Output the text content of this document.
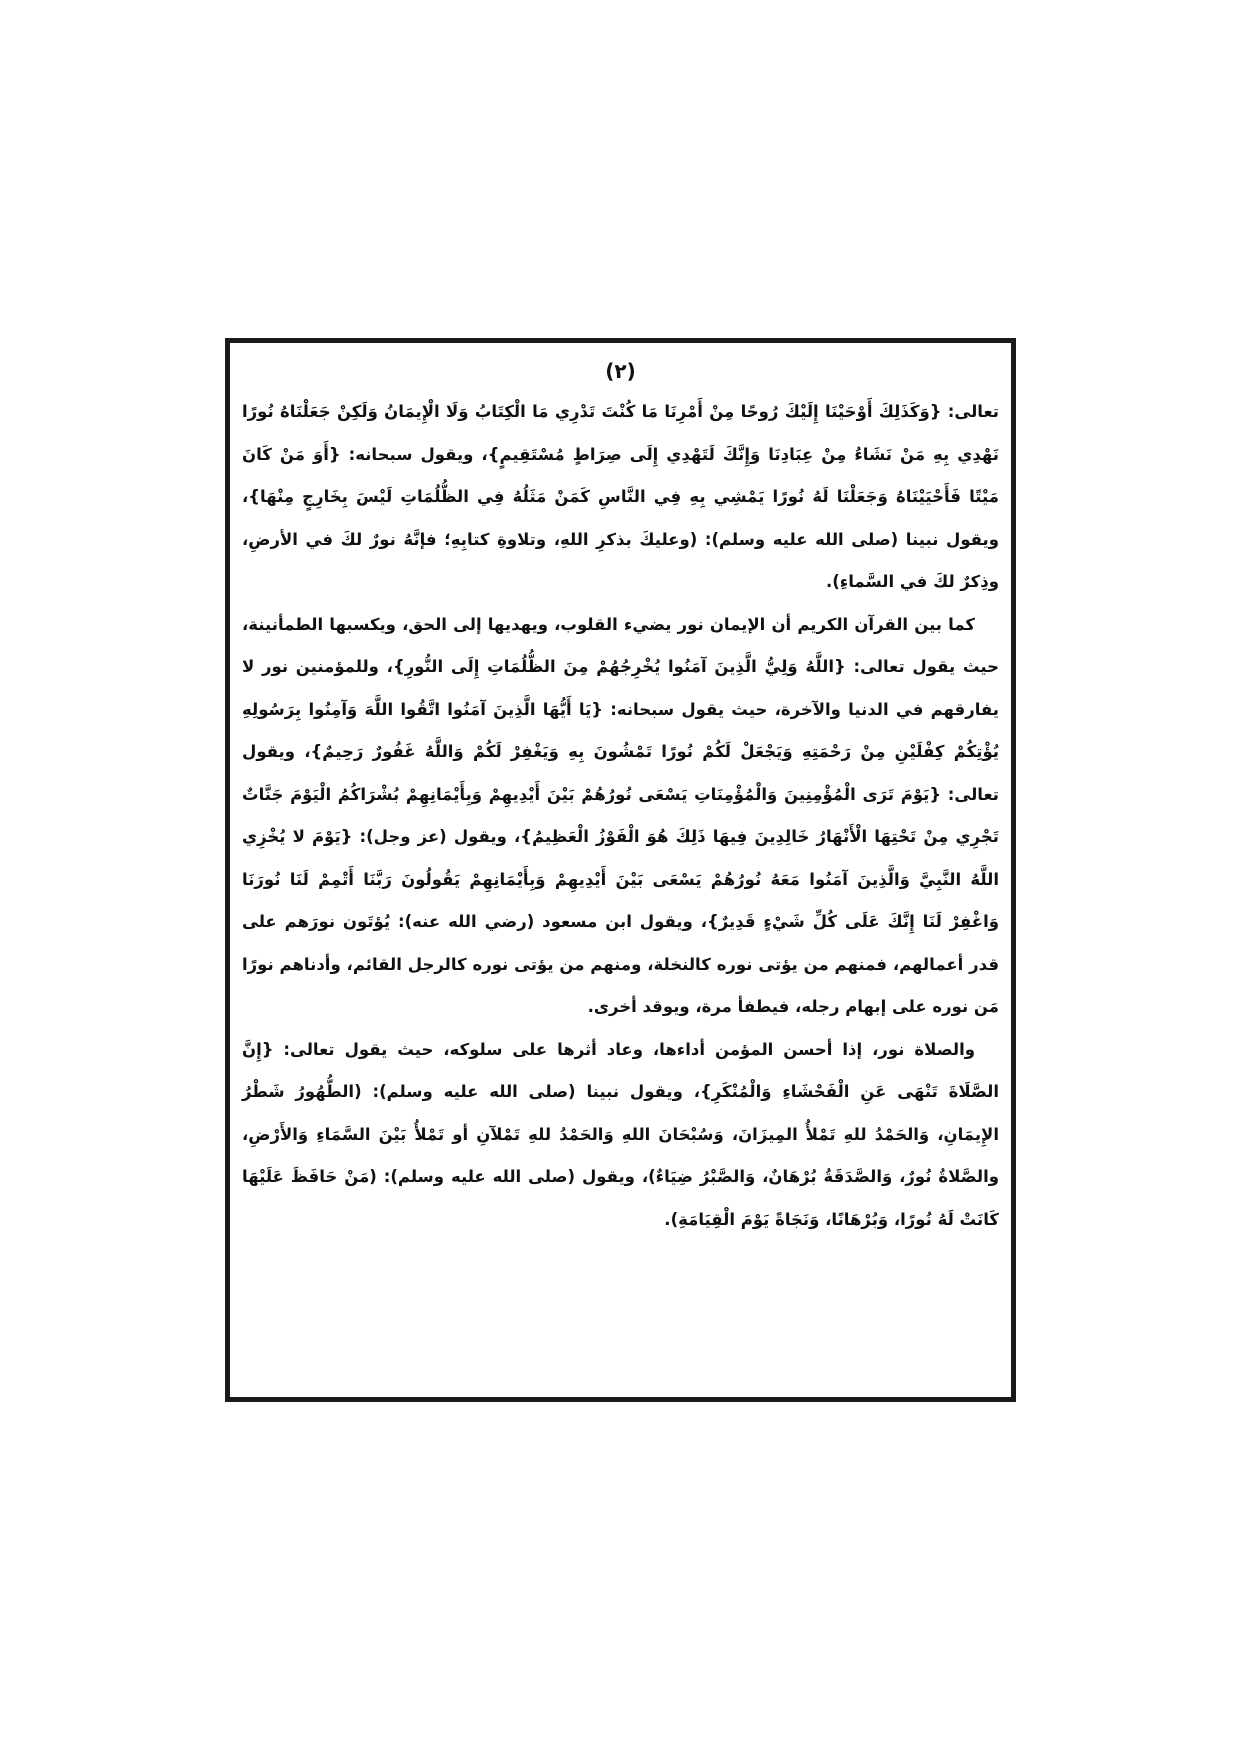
(٢)

تعالى: {وَكَذَلِكَ أَوْحَيْنَا إِلَيْكَ رُوحًا مِنْ أَمْرِنَا مَا كُنْتَ تَدْرِي مَا الْكِتَابُ وَلَا الْإِيمَانُ وَلَكِنْ جَعَلْنَاهُ نُورًا نَهْدِي بِهِ مَنْ نَشَاءُ مِنْ عِبَادِنَا وَإِنَّكَ لَتَهْدِي إِلَى صِرَاطٍ مُسْتَقِيمٍ}، ويقول سبحانه: {أَوَ مَنْ كَانَ مَيْتًا فَأَحْيَيْنَاهُ وَجَعَلْنَا لَهُ نُورًا يَمْشِي بِهِ فِي النَّاسِ كَمَنْ مَثَلُهُ فِي الظُّلُمَاتِ لَيْسَ بِخَارِجٍ مِنْهَا}، ويقول نبينا (صلى الله عليه وسلم): (وعليكَ بذكرِ اللهِ، وتلاوةِ كتابِهِ؛ فإنَّهُ نورٌ لكَ في الأرضِ، وذِكرٌ لكَ في السَّماءِ).

كما بين القرآن الكريم أن الإيمان نور يضيء القلوب، ويهديها إلى الحق، ويكسبها الطمأنينة، حيث يقول تعالى: {اللَّهُ وَلِيُّ الَّذِينَ آمَنُوا يُخْرِجُهُمْ مِنَ الظُّلُمَاتِ إِلَى النُّورِ}، وللمؤمنين نور لا يفارقهم في الدنيا والآخرة، حيث يقول سبحانه: {يَا أَيُّهَا الَّذِينَ آمَنُوا اتَّقُوا اللَّهَ وَآمِنُوا بِرَسُولِهِ يُؤْتِكُمْ كِفْلَيْنِ مِنْ رَحْمَتِهِ وَيَجْعَلْ لَكُمْ نُورًا تَمْشُونَ بِهِ وَيَغْفِرْ لَكُمْ وَاللَّهُ غَفُورٌ رَحِيمٌ}، ويقول تعالى: {يَوْمَ تَرَى الْمُؤْمِنِينَ وَالْمُؤْمِنَاتِ يَسْعَى نُورُهُمْ بَيْنَ أَيْدِيهِمْ وَبِأَيْمَانِهِمْ بُشْرَاكُمُ الْيَوْمَ جَنَّاتٌ تَجْرِي مِنْ تَحْتِهَا الْأَنْهَارُ خَالِدِينَ فِيهَا ذَلِكَ هُوَ الْفَوْزُ الْعَظِيمُ}، ويقول (عز وجل): {يَوْمَ لا يُخْزِي اللَّهُ النَّبِيَّ وَالَّذِينَ آمَنُوا مَعَهُ نُورُهُمْ يَسْعَى بَيْنَ أَيْدِيهِمْ وَبِأَيْمَانِهِمْ يَقُولُونَ رَبَّنَا أَتْمِمْ لَنَا نُورَنَا وَاغْفِرْ لَنَا إِنَّكَ عَلَى كُلِّ شَيْءٍ قَدِيرٌ}، ويقول ابن مسعود (رضي الله عنه): يُؤتَون نورَهم على قدر أعمالهم، فمنهم من يؤتى نوره كالنخلة، ومنهم من يؤتى نوره كالرجل القائم، وأدناهم نورًا مَن نوره على إبهام رجله، فيطفأ مرة، ويوقد أخرى.

والصلاة نور، إذا أحسن المؤمن أداءها، وعاد أثرها على سلوكه، حيث يقول تعالى: {إِنَّ الصَّلَاةَ تَنْهَى عَنِ الْفَحْشَاءِ وَالْمُنْكَرِ}، ويقول نبينا (صلى الله عليه وسلم): (الطُّهُورُ شَطْرُ الإِيمَانِ، وَالحَمْدُ للهِ تَمْلأُ المِيزَانَ، وَسُبْحَانَ اللهِ وَالحَمْدُ للهِ تَمْلآنِ أو تَمْلأُ بَيْنَ السَّمَاءِ وَالأَرْضِ، والصَّلاةُ نُورٌ، وَالصَّدَقَةُ بُرْهَانٌ، وَالصَّبْرُ ضِيَاءٌ)، ويقول (صلى الله عليه وسلم): (مَنْ حَافَظَ عَلَيْهَا كَانَتْ لَهُ نُورًا، وَبُرْهَانًا، وَنَجَاةً يَوْمَ الْقِيَامَةِ).
